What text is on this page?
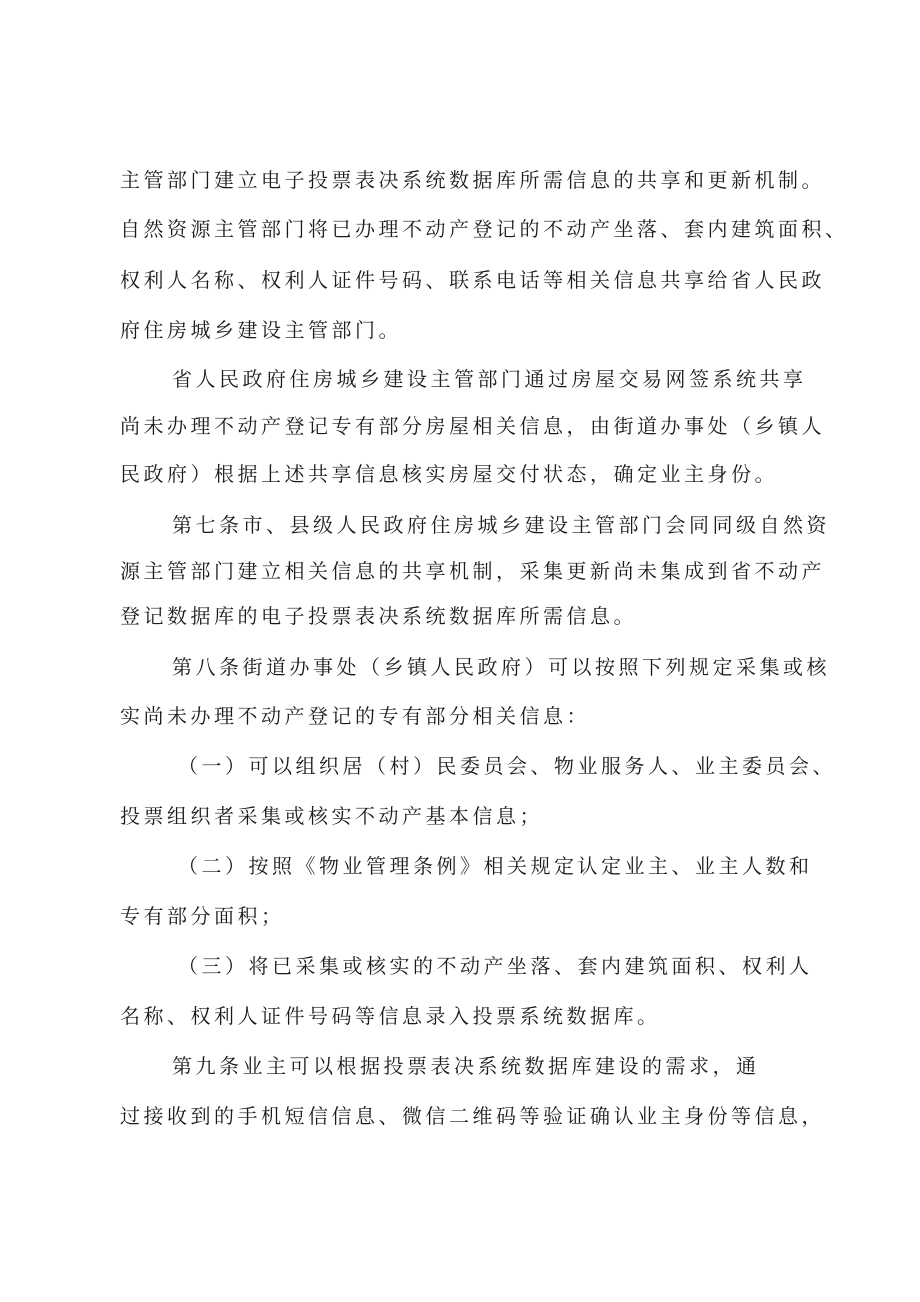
主管部门建立电子投票表决系统数据库所需信息的共享和更新机制。
自然资源主管部门将已办理不动产登记的不动产坐落、套内建筑面积、
权利人名称、权利人证件号码、联系电话等相关信息共享给省人民政
府住房城乡建设主管部门。
省人民政府住房城乡建设主管部门通过房屋交易网签系统共享
尚未办理不动产登记专有部分房屋相关信息，由街道办事处（乡镇人
民政府）根据上述共享信息核实房屋交付状态，确定业主身份。
第七条市、县级人民政府住房城乡建设主管部门会同同级自然资
源主管部门建立相关信息的共享机制，采集更新尚未集成到省不动产
登记数据库的电子投票表决系统数据库所需信息。
第八条街道办事处（乡镇人民政府）可以按照下列规定采集或核
实尚未办理不动产登记的专有部分相关信息：
（一）可以组织居（村）民委员会、物业服务人、业主委员会、
投票组织者采集或核实不动产基本信息；
（二）按照《物业管理条例》相关规定认定业主、业主人数和
专有部分面积；
（三）将已采集或核实的不动产坐落、套内建筑面积、权利人
名称、权利人证件号码等信息录入投票系统数据库。
第九条业主可以根据投票表决系统数据库建设的需求，通
过接收到的手机短信信息、微信二维码等验证确认业主身份等信息，
